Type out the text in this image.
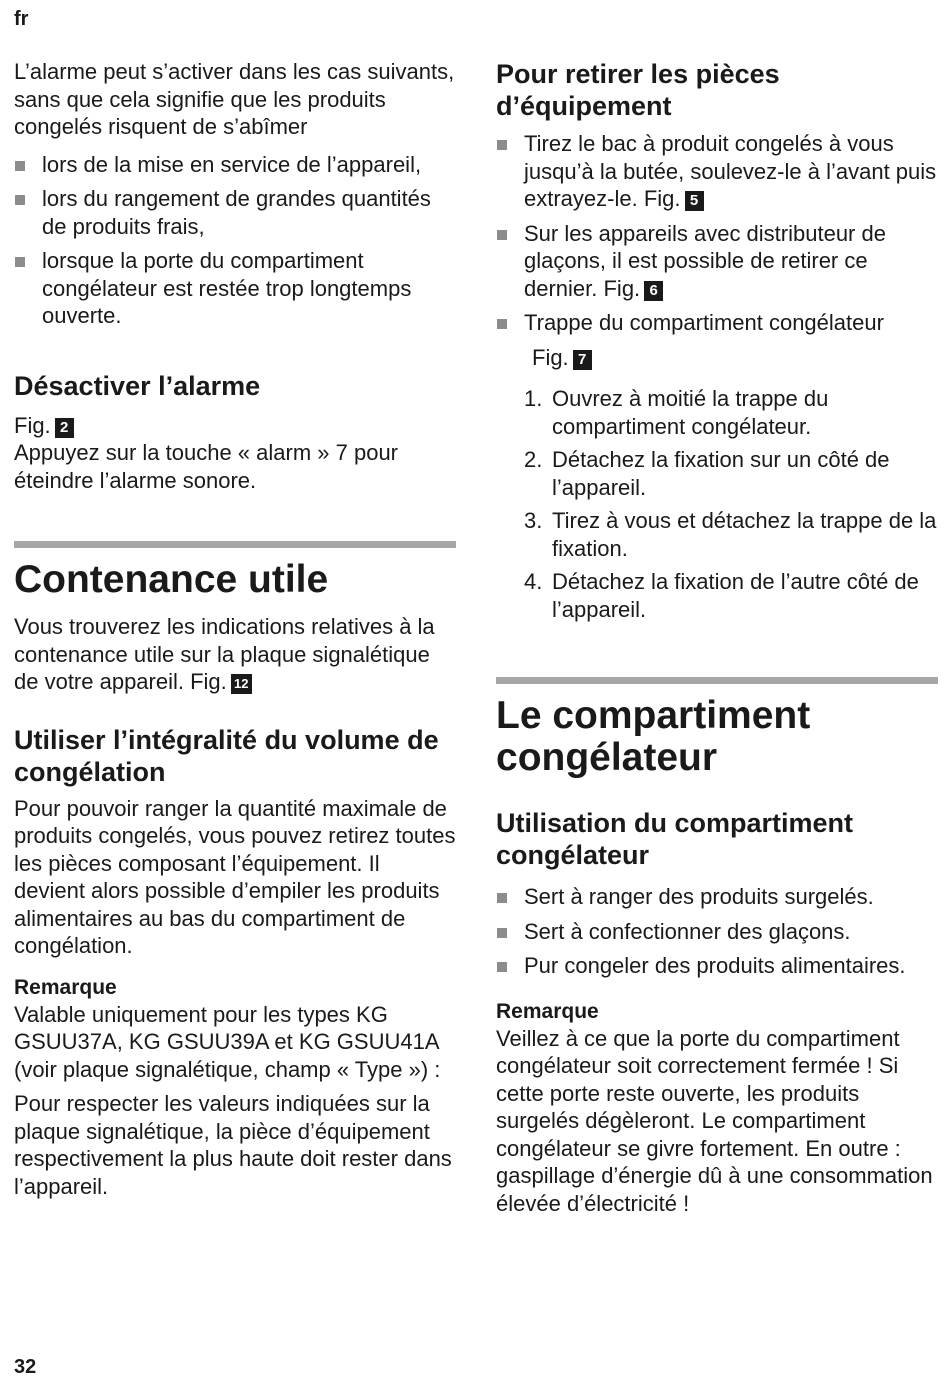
fr

L’alarme peut s’activer dans les cas suivants, sans que cela signifie que les produits congelés risquent de s’abîmer

lors de la mise en service de l’appareil,
lors du rangement de grandes quantités de produits frais,
lorsque la porte du compartiment congélateur est restée trop longtemps ouverte.
Désactiver l’alarme

Fig. 2

Appuyez sur la touche « alarm » 7 pour éteindre l’alarme sonore.

Contenance utile

Vous trouverez les indications relatives à la contenance utile sur la plaque signalétique de votre appareil. Fig. 12

Utiliser l’intégralité du volume de congélation

Pour pouvoir ranger la quantité maximale de produits congelés, vous pouvez retirez toutes les pièces composant l’équipement. Il devient alors possible d’empiler les produits alimentaires au bas du compartiment de congélation.

Remarque

Valable uniquement pour les types KG GSUU37A, KG GSUU39A et KG GSUU41A (voir plaque signalétique, champ « Type ») :

Pour respecter les valeurs indiquées sur la plaque signalétique, la pièce d’équipement respectivement la plus haute doit rester dans l’appareil.

Pour retirer les pièces d’équipement
Tirez le bac à produit congelés à vous jusqu’à la butée, soulevez-le à l’avant puis extrayez-le. Fig. 5
Sur les appareils avec distributeur de glaçons, il est possible de retirer ce dernier. Fig. 6
Trappe du compartiment congélateur

Fig. 7

1. Ouvrez à moitié la trappe du compartiment congélateur.
2. Détachez la fixation sur un côté de l’appareil.
3. Tirez à vous et détachez la trappe de la fixation.
4. Détachez la fixation de l’autre côté de l’appareil.
Le compartiment congélateur
Utilisation du compartiment congélateur
Sert à ranger des produits surgelés.
Sert à confectionner des glaçons.
Pur congeler des produits alimentaires.
Remarque

Veillez à ce que la porte du compartiment congélateur soit correctement fermée ! Si cette porte reste ouverte, les produits surgelés dégèleront. Le compartiment congélateur se givre fortement. En outre : gaspillage d’énergie dû à une consommation élevée d’électricité !

32
